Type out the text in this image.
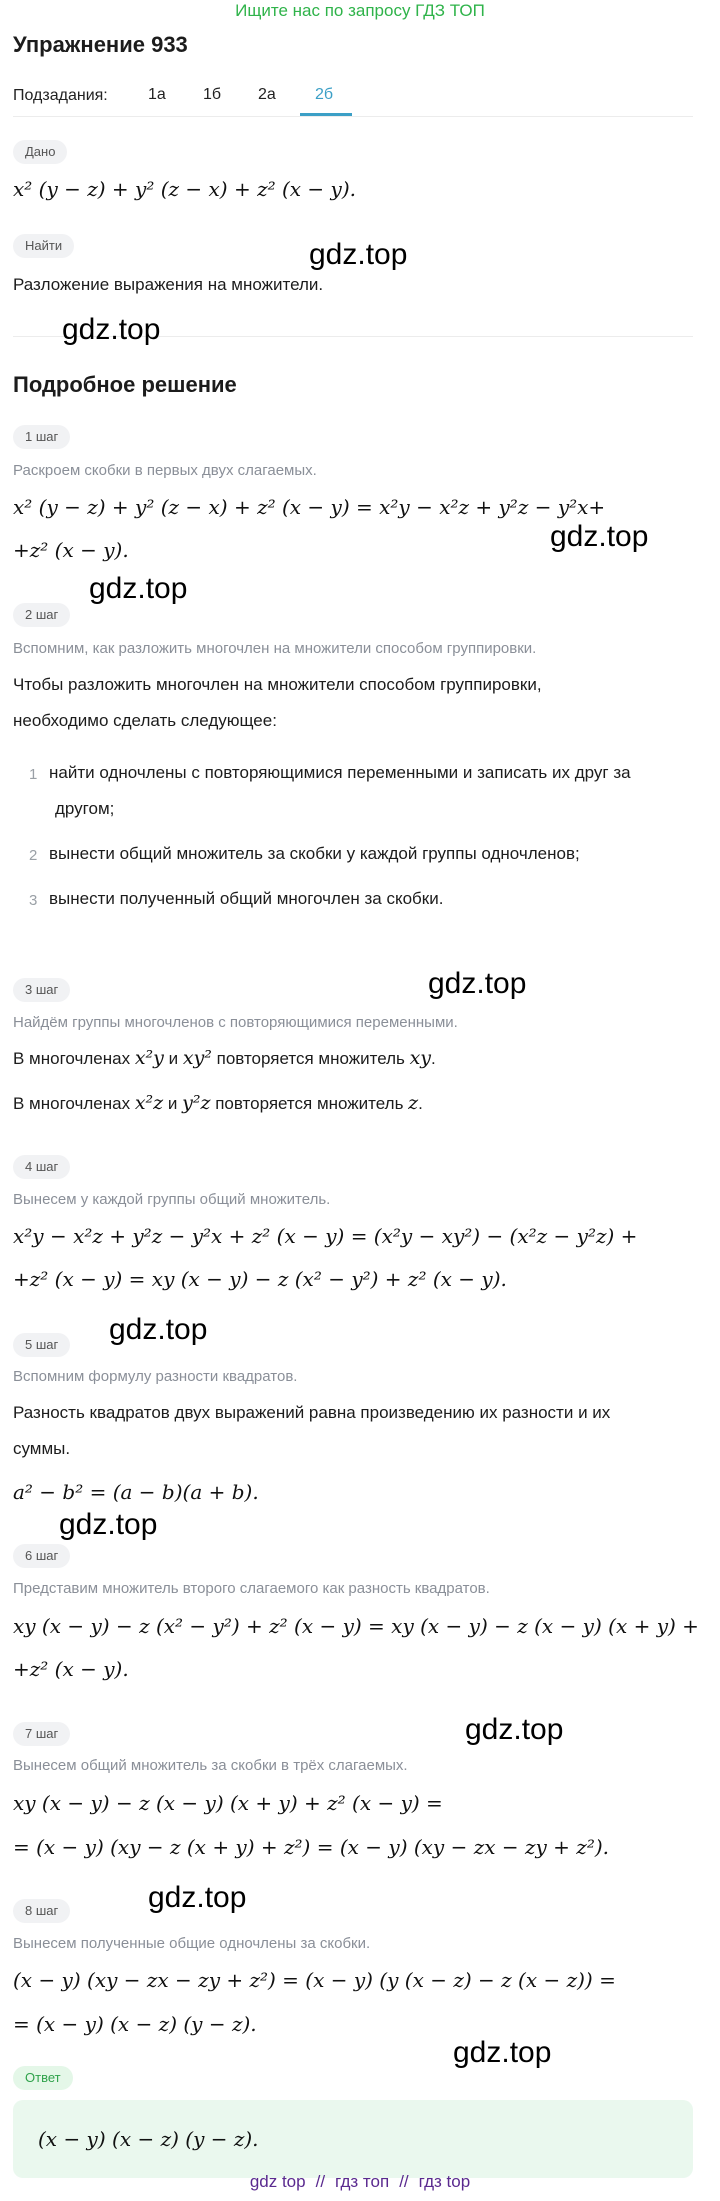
Ищите нас по запросу ГДЗ ТОП
Упражнение 933
Подзадания:	1а 1б 2а 2б
Дано
x² (y − z) + y² (z − x) + z² (x − y).
Найти
Разложение выражения на множители.
Подробное решение
1 шаг
Раскроем скобки в первых двух слагаемых.
x² (y − z) + y² (z − x) + z² (x − y) = x²y − x²z + y²z − y²x+
+z² (x − y).
2 шаг
Вспомним, как разложить многочлен на множители способом группировки.
Чтобы разложить многочлен на множители способом группировки,
необходимо сделать следующее:
1 найти одночлены с повторяющимися переменными и записать их друг за
другом;
2 вынести общий множитель за скобки у каждой группы одночленов;
3 вынести полученный общий многочлен за скобки.
3 шаг
Найдём группы многочленов с повторяющимися переменными.
В многочленах x²y и xy² повторяется множитель xy.
В многочленах x²z и y²z повторяется множитель z.
4 шаг
Вынесем у каждой группы общий множитель.
x²y − x²z + y²z − y²x + z² (x − y) = (x²y − xy²) − (x²z − y²z) +
+z² (x − y) = xy (x − y) − z (x² − y²) + z² (x − y).
5 шаг
Вспомним формулу разности квадратов.
Разность квадратов двух выражений равна произведению их разности и их
суммы.
a² − b² = (a − b)(a + b).
6 шаг
Представим множитель второго слагаемого как разность квадратов.
xy (x − y) − z (x² − y²) + z² (x − y) = xy (x − y) − z (x − y) (x + y) +
+z² (x − y).
7 шаг
Вынесем общий множитель за скобки в трёх слагаемых.
xy (x − y) − z (x − y) (x + y) + z² (x − y) =
= (x − y) (xy − z (x + y) + z²) = (x − y) (xy − zx − zy + z²).
8 шаг
Вынесем полученные общие одночлены за скобки.
(x − y) (xy − zx − zy + z²) = (x − y) (y (x − z) − z (x − z)) =
= (x − y) (x − z) (y − z).
Ответ
(x − y) (x − z) (y − z).
gdz.top
gdz.top
gdz.top
gdz.top
gdz.top
gdz.top
gdz.top
gdz.top
gdz.top
gdz.top
gdz top // гдз топ // гдз top
